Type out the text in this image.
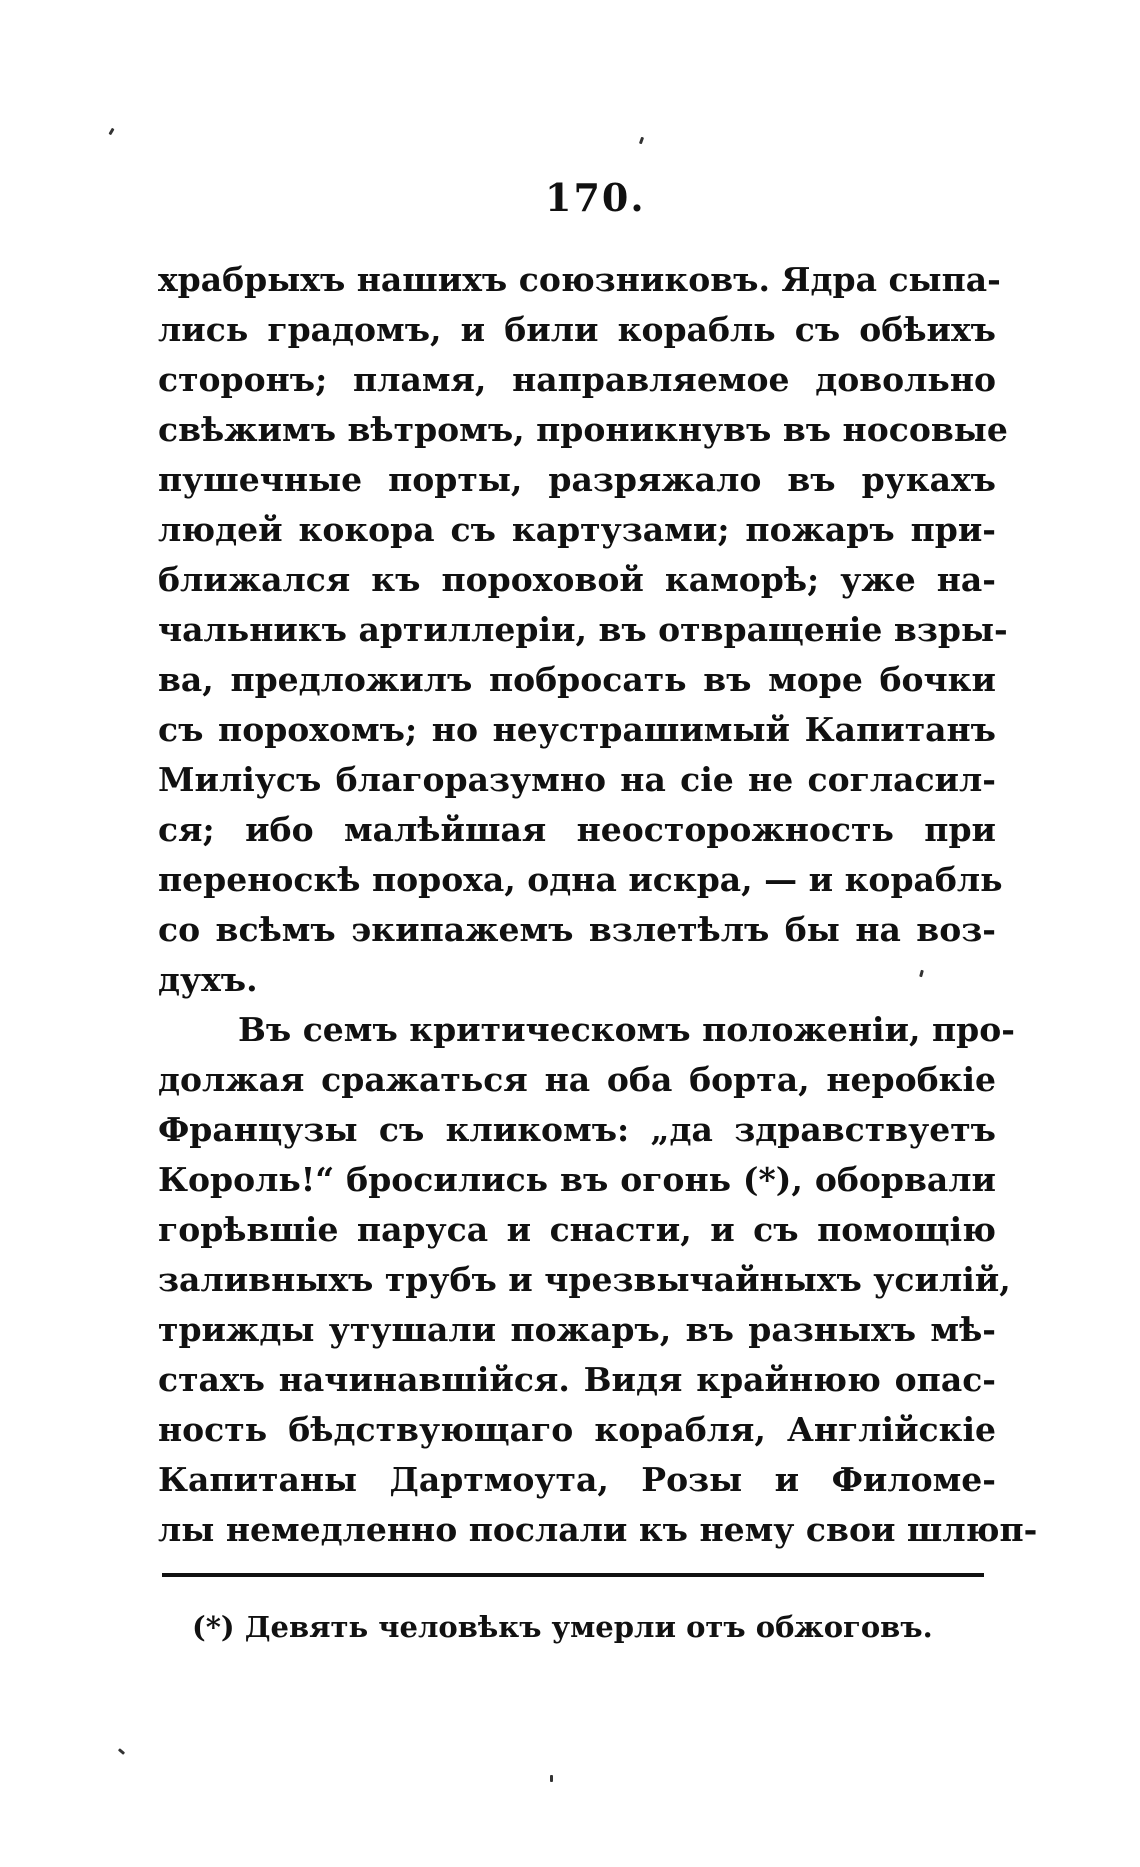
170.
храбрыхъ нашихъ союзниковъ. Ядра сыпа-
лись градомъ, и били корабль съ обѣихъ
сторонъ; пламя, направляемое довольно
свѣжимъ вѣтромъ, проникнувъ въ носовые
пушечные порты, разряжало въ рукахъ
людей кокора съ картузами; пожаръ при-
ближался къ пороховой каморѣ; уже на-
чальникъ артиллеріи, въ отвращеніе взры-
ва, предложилъ побросать въ море бочки
съ порохомъ; но неустрашимый Капитанъ
Милiусъ благоразумно на сіе не согласил-
ся; ибо малѣйшая неосторожность при
переноскѣ пороха, одна искра, — и корабль
со всѣмъ экипажемъ взлетѣлъ бы на воз-
духъ.
Въ семъ критическомъ положеніи, про-
должая сражаться на оба борта, неробкіе
Французы съ кликомъ: „да здравствуетъ
Король!“ бросились въ огонь (*), оборвали
горѣвшіе паруса и снасти, и съ помощію
заливныхъ трубъ и чрезвычайныхъ усилій,
трижды утушали пожаръ, въ разныхъ мѣ-
стахъ начинавшійся. Видя крайнюю опас-
ность бѣдствующаго корабля, Англійскіе
Капитаны Дартмоута, Розы и Филоме-
лы немедленно послали къ нему свои шлюп-
(*) Девять человѣкъ умерли отъ обжоговъ.
